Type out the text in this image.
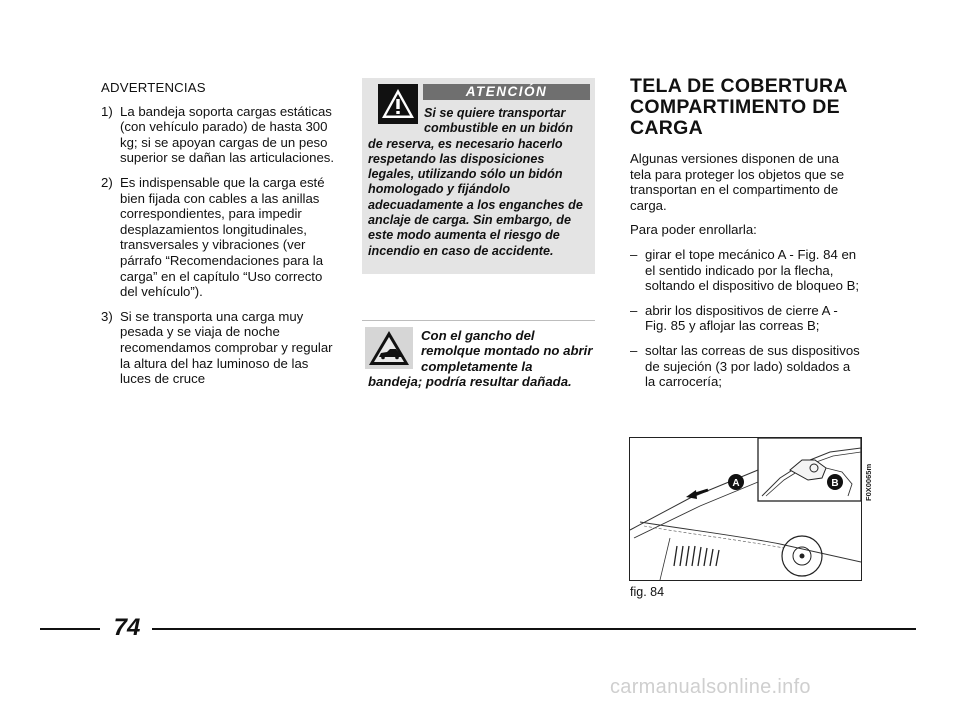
ADVERTENCIAS
1) La bandeja soporta cargas estáticas (con vehículo parado) de hasta 300 kg; si se apoyan cargas de un peso superior se dañan las articulaciones.
2) Es indispensable que la carga esté bien fijada con cables a las anillas correspondientes, para impedir desplazamientos longitudinales, transversales y vibraciones (ver párrafo “Recomendaciones para la carga” en el capítulo “Uso correcto del vehículo”).
3) Si se transporta una carga muy pesada y se viaja de noche recomendamos comprobar y regular la altura del haz luminoso de las luces de cruce
ATENCIÓN
Si se quiere transportar combustible en un bidón
de reserva, es necesario hacerlo respetando las disposiciones legales, utilizando sólo un bidón homologado y fijándolo adecuadamente a los enganches de anclaje de carga. Sin embargo, de este modo aumenta el riesgo de incendio en caso de accidente.
Con el gancho del remolque montado no abrir completamente la
bandeja; podría resultar dañada.
TELA DE COBERTURA COMPARTIMENTO DE CARGA

Algunas versiones disponen de una tela para proteger los objetos que se transportan en el compartimento de carga.

Para poder enrollarla:

– girar el tope mecánico A - Fig. 84 en el sentido indicado por la flecha, soltando el dispositivo de bloqueo B;
– abrir los dispositivos de cierre A - Fig. 85 y aflojar las correas B;
– soltar las correas de sus dispositivos de sujeción (3 por lado) soldados a la carrocería;
A	B	F0X0065m
fig. 84
74
carmanualsonline.info
